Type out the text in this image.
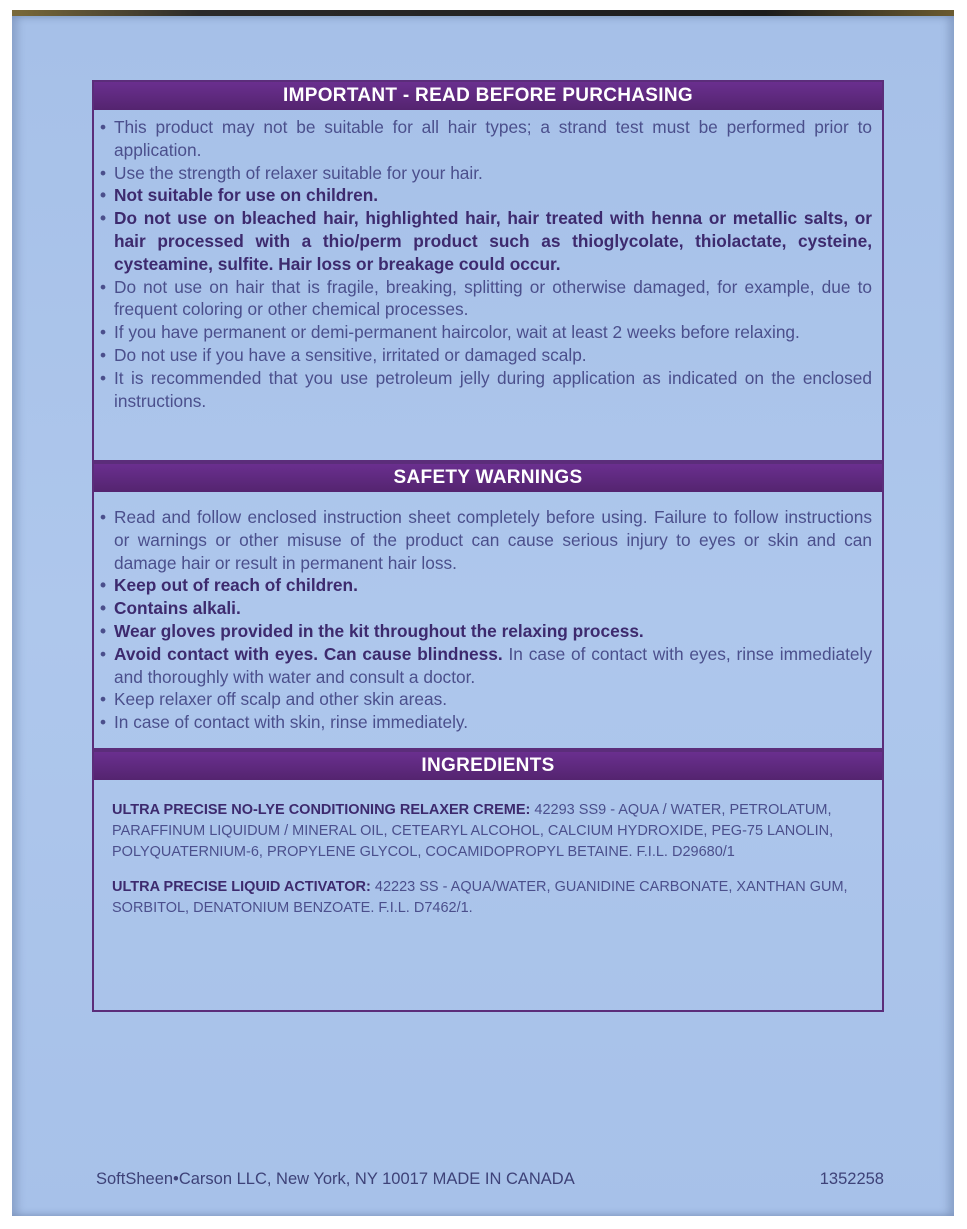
IMPORTANT - READ BEFORE PURCHASING
• This product may not be suitable for all hair types; a strand test must be performed prior to application.
• Use the strength of relaxer suitable for your hair.
• Not suitable for use on children.
• Do not use on bleached hair, highlighted hair, hair treated with henna or metallic salts, or hair processed with a thio/perm product such as thioglycolate, thiolactate, cysteine, cysteamine, sulfite. Hair loss or breakage could occur.
• Do not use on hair that is fragile, breaking, splitting or otherwise damaged, for example, due to frequent coloring or other chemical processes.
• If you have permanent or demi-permanent haircolor, wait at least 2 weeks before relaxing.
• Do not use if you have a sensitive, irritated or damaged scalp.
• It is recommended that you use petroleum jelly during application as indicated on the enclosed instructions.
SAFETY WARNINGS
• Read and follow enclosed instruction sheet completely before using. Failure to follow instructions or warnings or other misuse of the product can cause serious injury to eyes or skin and can damage hair or result in permanent hair loss.
• Keep out of reach of children.
• Contains alkali.
• Wear gloves provided in the kit throughout the relaxing process.
• Avoid contact with eyes. Can cause blindness. In case of contact with eyes, rinse immediately and thoroughly with water and consult a doctor.
• Keep relaxer off scalp and other skin areas.
• In case of contact with skin, rinse immediately.
INGREDIENTS

ULTRA PRECISE NO-LYE CONDITIONING RELAXER CREME: 42293 SS9 - AQUA / WATER, PETROLATUM, PARAFFINUM LIQUIDUM / MINERAL OIL, CETEARYL ALCOHOL, CALCIUM HYDROXIDE, PEG-75 LANOLIN, POLYQUATERNIUM-6, PROPYLENE GLYCOL, COCAMIDOPROPYL BETAINE. F.I.L. D29680/1

ULTRA PRECISE LIQUID ACTIVATOR: 42223 SS - AQUA/WATER, GUANIDINE CARBONATE, XANTHAN GUM, SORBITOL, DENATONIUM BENZOATE. F.I.L. D7462/1.

SoftSheen•Carson LLC, New York, NY 10017 MADE IN CANADA	1352258
